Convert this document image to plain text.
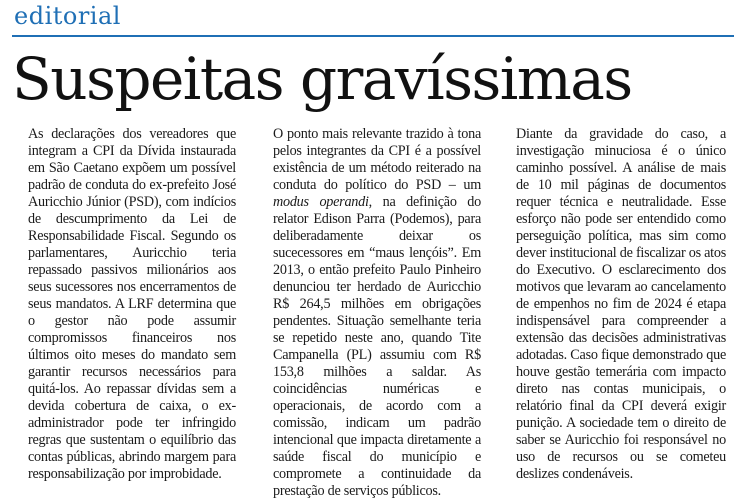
editorial
Suspeitas gravíssimas

As declarações dos vereadores que integram a CPI da Dívida instaurada em São Caetano expõem um possível padrão de conduta do ex-prefeito José Auricchio Júnior (PSD), com indícios de descumprimento da Lei de Responsabilidade Fiscal. Segundo os parlamentares, Auricchio teria repassado passivos milionários aos seus sucessores nos encerramentos de seus mandatos. A LRF determina que o gestor não pode assumir compromissos financeiros nos últimos oito meses do mandato sem garantir recursos necessários para quitá-los. Ao repassar dívidas sem a devida cobertura de caixa, o ex-administrador pode ter infringido regras que sustentam o equilíbrio das contas públicas, abrindo margem para responsabilização por improbidade.

O ponto mais relevante trazido à tona pelos integrantes da CPI é a possível existência de um método reiterado na conduta do político do PSD – um modus operandi, na definição do relator Edison Parra (Podemos), para deliberadamente deixar os sucecessores em “maus lençóis”. Em 2013, o então prefeito Paulo Pinheiro denunciou ter herdado de Auricchio R$ 264,5 milhões em obrigações pendentes. Situação semelhante teria se repetido neste ano, quando Tite Campanella (PL) assumiu com R$ 153,8 milhões a saldar. As coincidências numéricas e operacionais, de acordo com a comissão, indicam um padrão intencional que impacta diretamente a saúde fiscal do município e compromete a continuidade da prestação de serviços públicos.

Diante da gravidade do caso, a investigação minuciosa é o único caminho possível. A análise de mais de 10 mil páginas de documentos requer técnica e neutralidade. Esse esforço não pode ser entendido como perseguição política, mas sim como dever institucional de fiscalizar os atos do Executivo. O esclarecimento dos motivos que levaram ao cancelamento de empenhos no fim de 2024 é etapa indispensável para compreender a extensão das decisões administrativas adotadas. Caso fique demonstrado que houve gestão temerária com impacto direto nas contas municipais, o relatório final da CPI deverá exigir punição. A sociedade tem o direito de saber se Auricchio foi responsável no uso de recursos ou se cometeu deslizes condenáveis.
